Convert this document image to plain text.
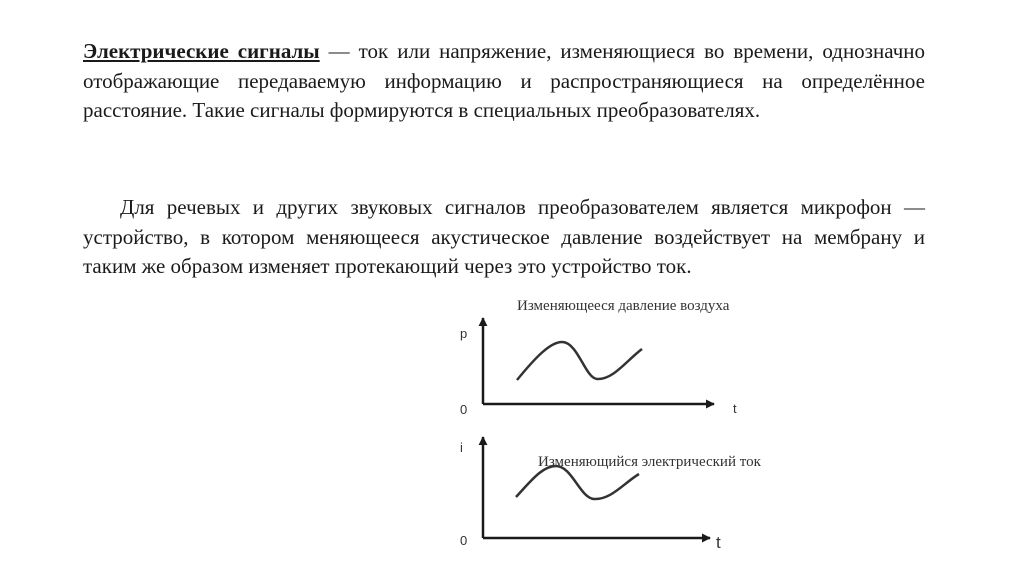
Электрические сигналы — ток или напряжение, изменяющиеся во времени, однозначно отображающие передаваемую информацию и распространяющиеся на определённое расстояние. Такие сигналы формируются в специальных преобразователях.

Для речевых и других звуковых сигналов преобразователем является микрофон — устройство, в котором меняющееся акустическое давление воздействует на мембрану и таким же образом изменяет протекающий через это устройство ток.

Изменяющееся давление воздуха
p
t
0
Изменяющийся электрический ток
i
t
0
